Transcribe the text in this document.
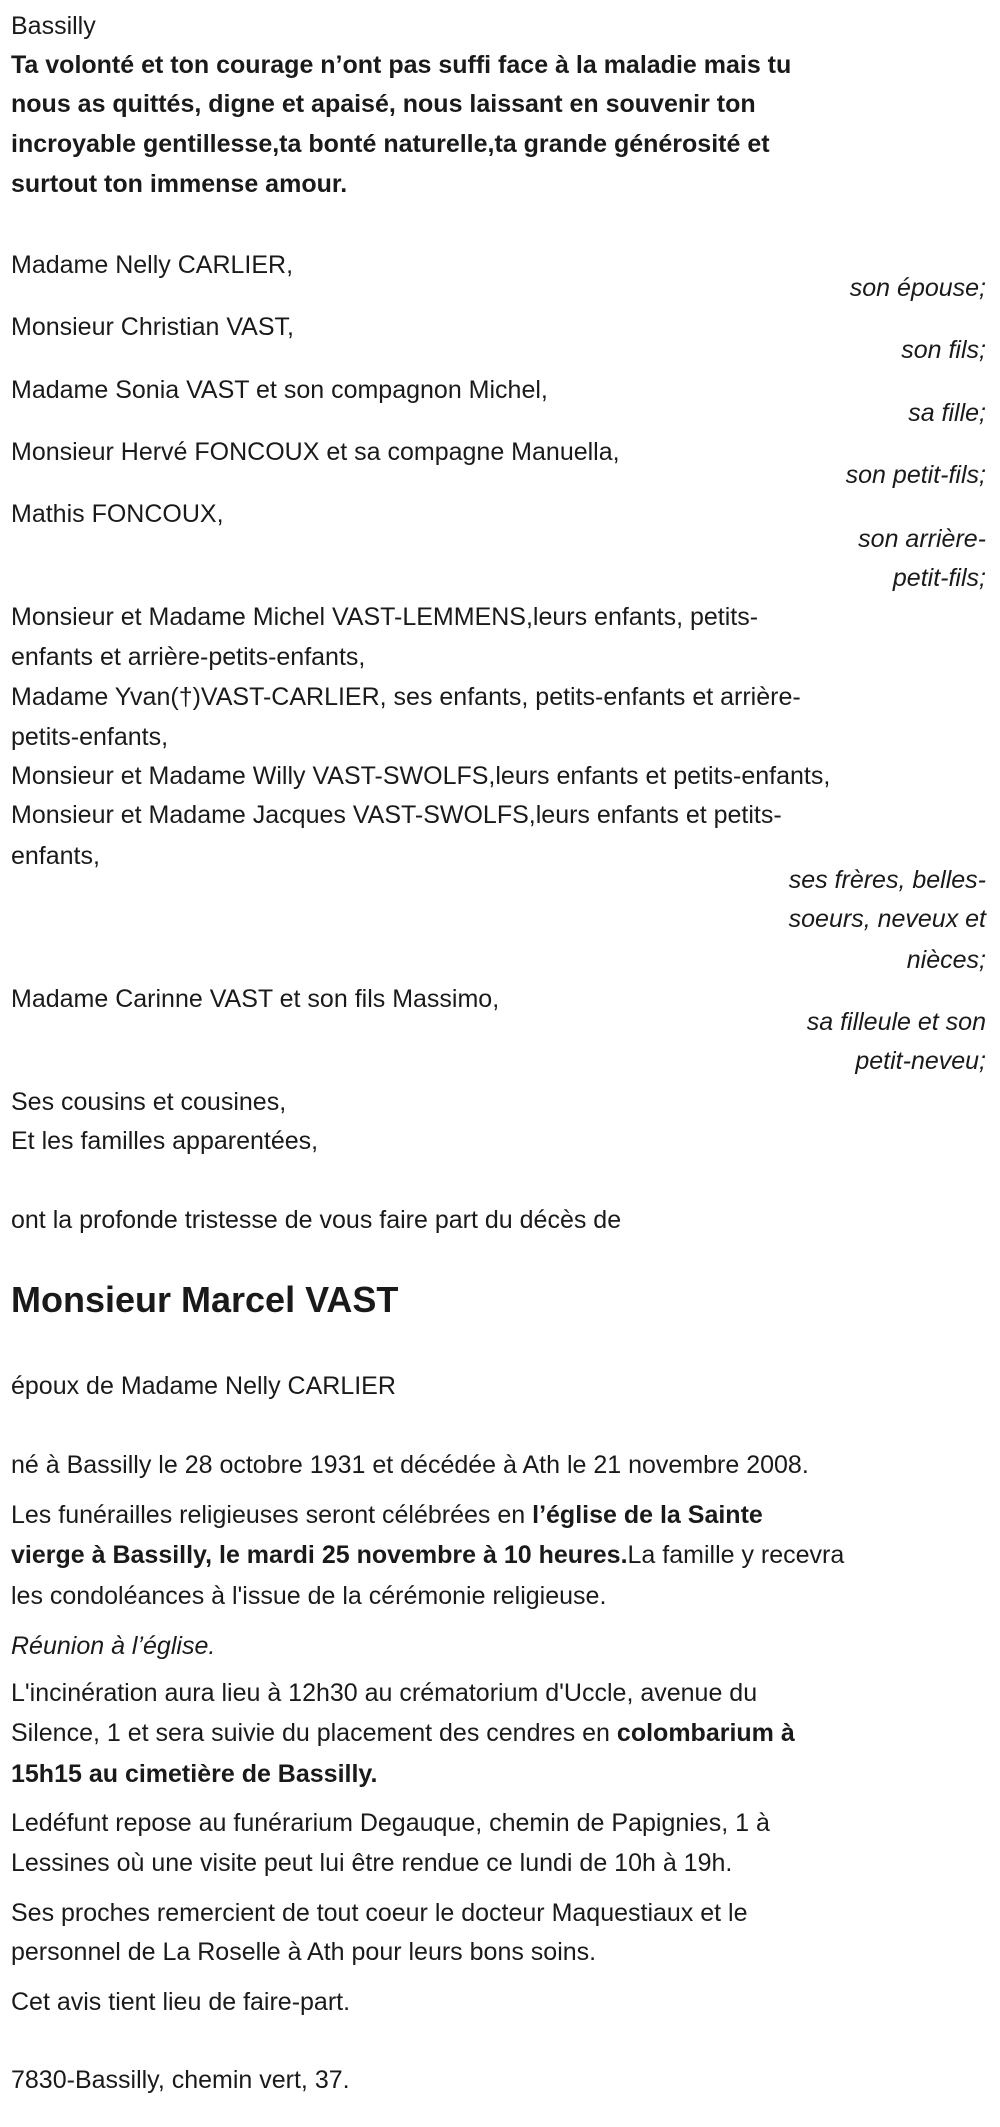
Bassilly
Ta volonté et ton courage n’ont pas suffi face à la maladie mais tu
nous as quittés, digne et apaisé, nous laissant en souvenir ton
incroyable gentillesse,ta bonté naturelle,ta grande générosité et
surtout ton immense amour.
Madame Nelly CARLIER,
son épouse;
Monsieur Christian VAST,
son fils;
Madame Sonia VAST et son compagnon Michel,
sa fille;
Monsieur Hervé FONCOUX et sa compagne Manuella,
son petit-fils;
Mathis FONCOUX,
son arrière-
petit-fils;
Monsieur et Madame Michel VAST-LEMMENS,leurs enfants, petits-
enfants et arrière-petits-enfants,
Madame Yvan(†)VAST-CARLIER, ses enfants, petits-enfants et arrière-
petits-enfants,
Monsieur et Madame Willy VAST-SWOLFS,leurs enfants et petits-enfants,
Monsieur et Madame Jacques VAST-SWOLFS,leurs enfants et petits-
enfants,
ses frères, belles-
soeurs, neveux et
nièces;
Madame Carinne VAST et son fils Massimo,
sa filleule et son
petit-neveu;
Ses cousins et cousines,
Et les familles apparentées,
ont la profonde tristesse de vous faire part du décès de
Monsieur Marcel VAST
époux de Madame Nelly CARLIER
né à Bassilly le 28 octobre 1931 et décédée à Ath le 21 novembre 2008.
Les funérailles religieuses seront célébrées en l’église de la Sainte
vierge à Bassilly, le mardi 25 novembre à 10 heures.La famille y recevra
les condoléances à l'issue de la cérémonie religieuse.
Réunion à l’église.
L'incinération aura lieu à 12h30 au crématorium d'Uccle, avenue du
Silence, 1 et sera suivie du placement des cendres en colombarium à
15h15 au cimetière de Bassilly.
Ledéfunt repose au funérarium Degauque, chemin de Papignies, 1 à
Lessines où une visite peut lui être rendue ce lundi de 10h à 19h.
Ses proches remercient de tout coeur le docteur Maquestiaux et le
personnel de La Roselle à Ath pour leurs bons soins.
Cet avis tient lieu de faire-part.
7830-Bassilly, chemin vert, 37.
